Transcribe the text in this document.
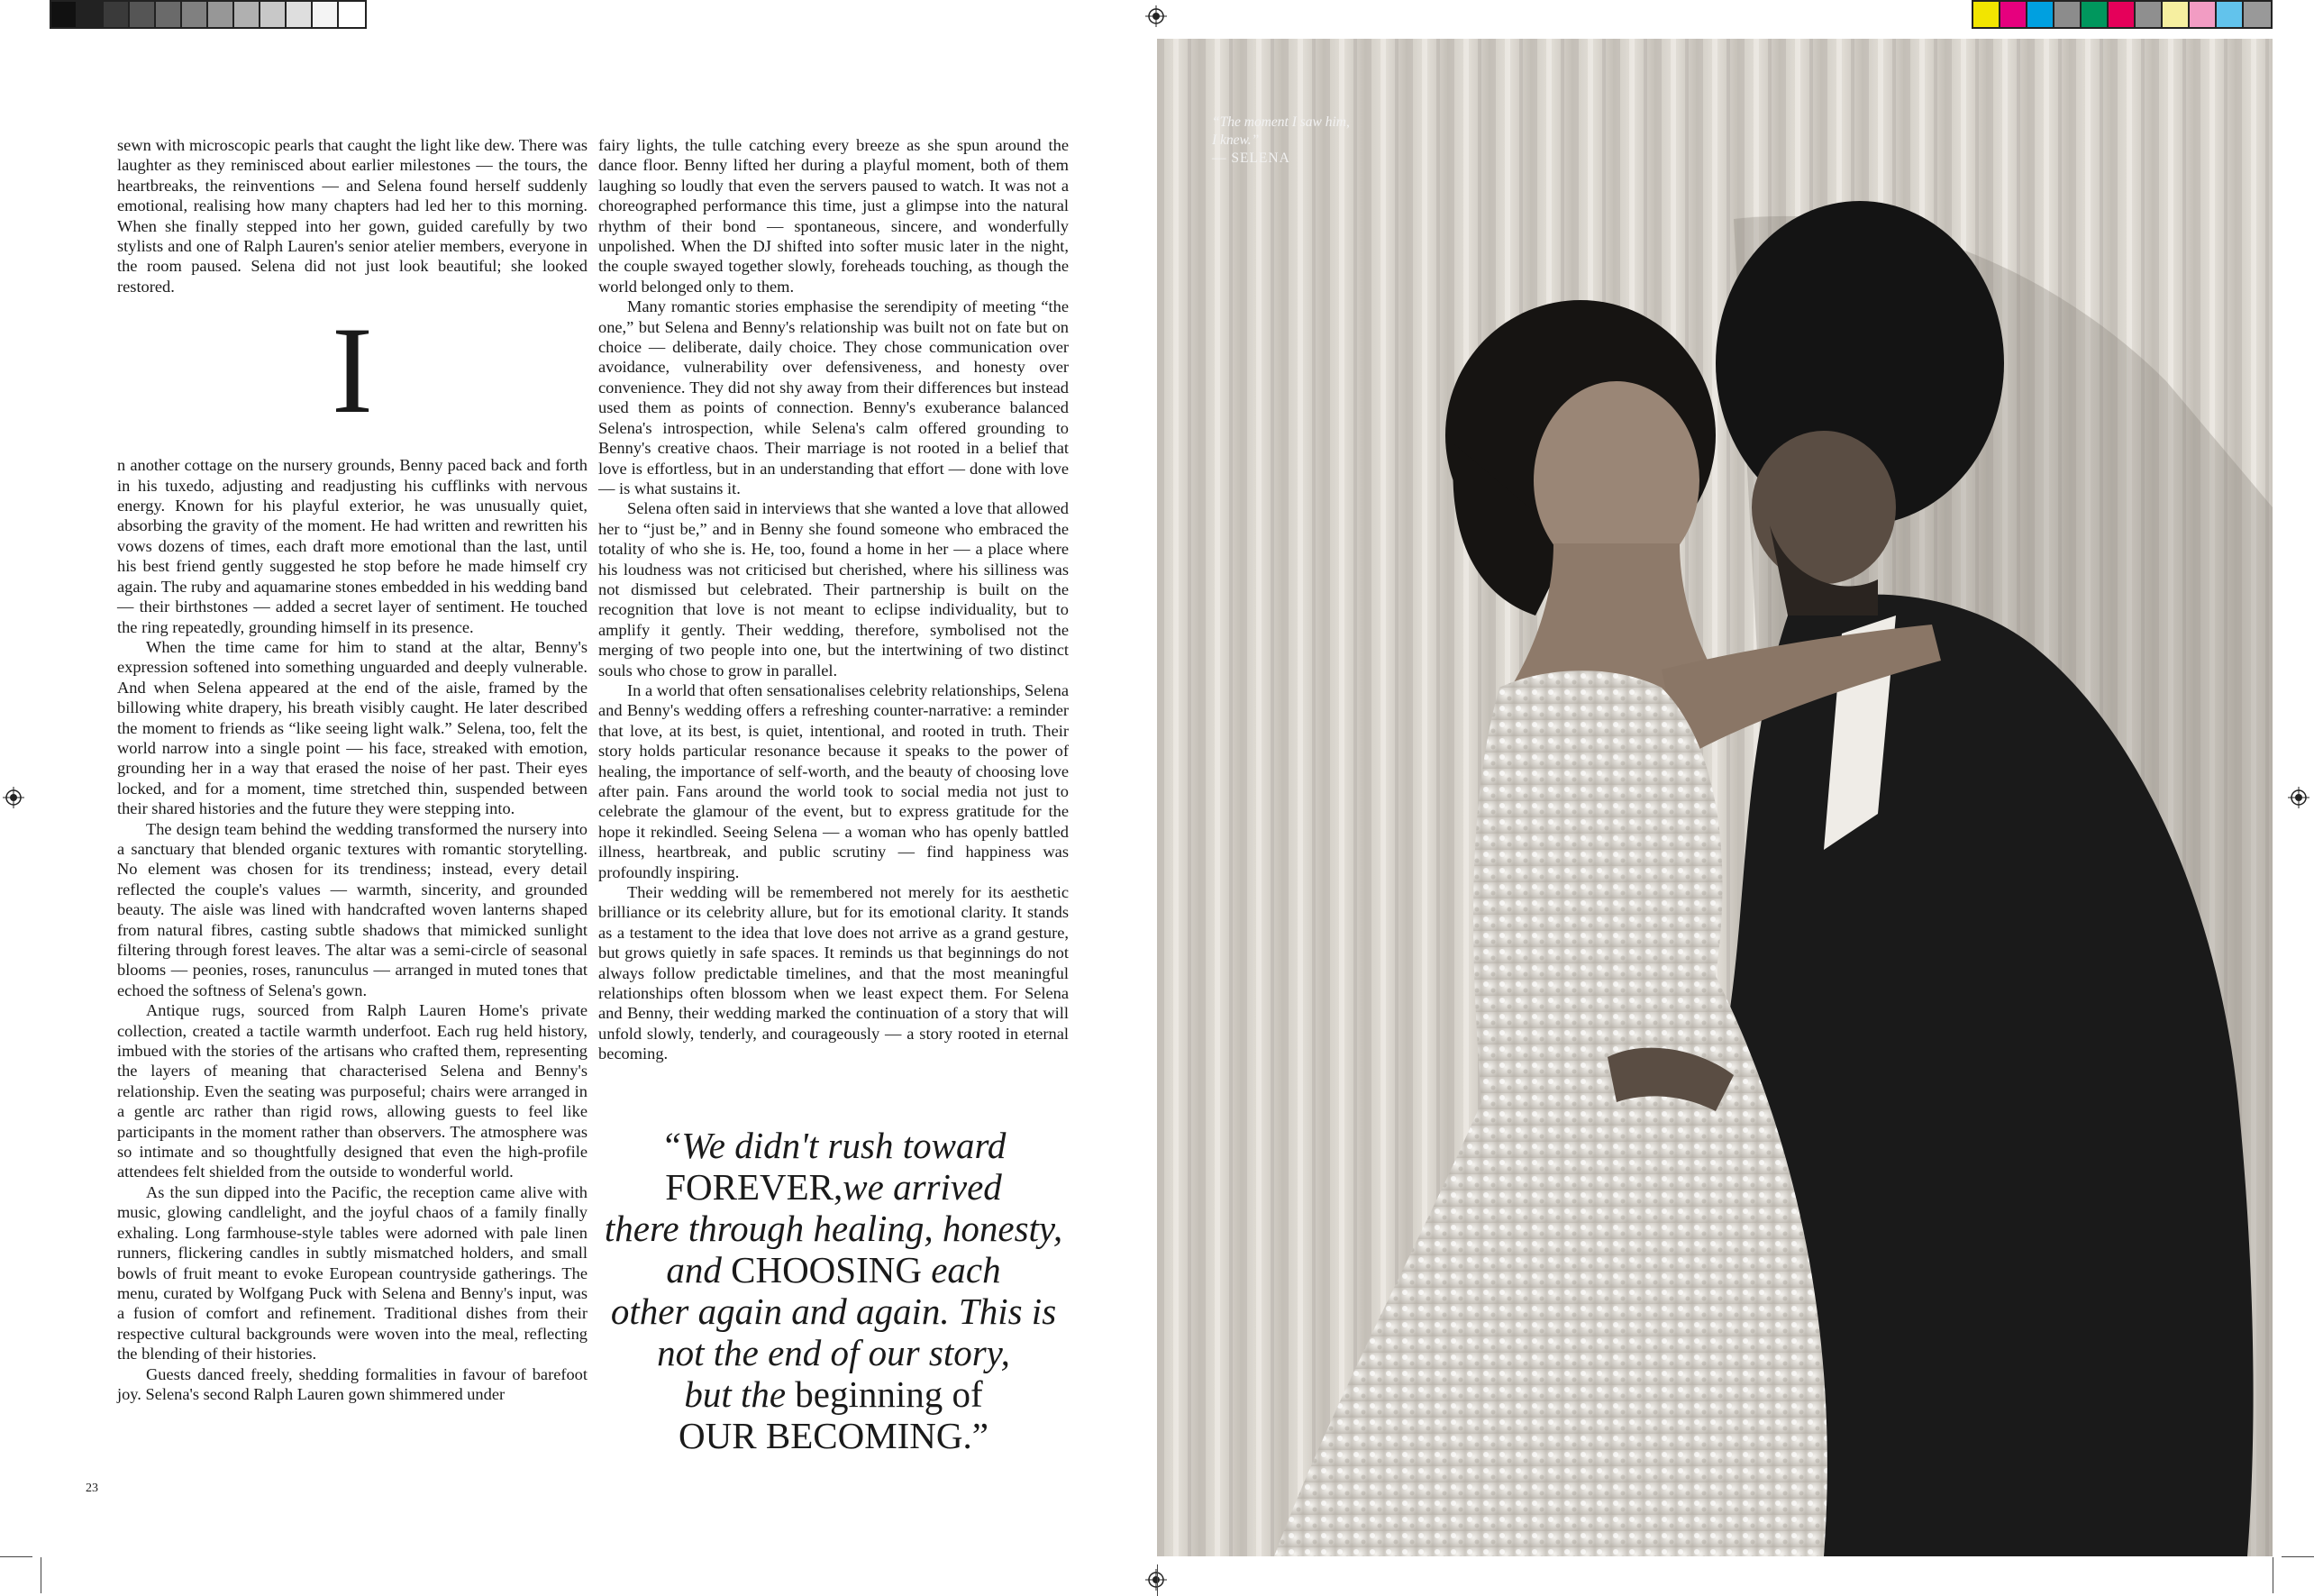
sewn with microscopic pearls that caught the light like dew. There was laughter as they reminisced about earlier milestones — the tours, the heartbreaks, the reinventions — and Selena found herself suddenly emotional, realising how many chapters had led her to this morning. When she finally stepped into her gown, guided carefully by two stylists and one of Ralph Lauren's senior atelier members, everyone in the room paused. Selena did not just look beautiful; she looked restored.

I

n another cottage on the nursery grounds, Benny paced back and forth in his tuxedo, adjusting and readjusting his cufflinks with nervous energy. Known for his playful exterior, he was unusually quiet, absorbing the gravity of the moment. He had written and rewritten his vows dozens of times, each draft more emotional than the last, until his best friend gently suggested he stop before he made himself cry again. The ruby and aquamarine stones embedded in his wedding band — their birthstones — added a secret layer of sentiment. He touched the ring repeatedly, grounding himself in its presence.

When the time came for him to stand at the altar, Benny's expression softened into something unguarded and deeply vulnerable. And when Selena appeared at the end of the aisle, framed by the billowing white drapery, his breath visibly caught. He later described the moment to friends as “like seeing light walk.” Selena, too, felt the world narrow into a single point — his face, streaked with emotion, grounding her in a way that erased the noise of her past. Their eyes locked, and for a moment, time stretched thin, suspended between their shared histories and the future they were stepping into.

The design team behind the wedding transformed the nursery into a sanctuary that blended organic textures with romantic storytelling. No element was chosen for its trendiness; instead, every detail reflected the couple's values — warmth, sincerity, and grounded beauty. The aisle was lined with handcrafted woven lanterns shaped from natural fibres, casting subtle shadows that mimicked sunlight filtering through forest leaves. The altar was a semi-circle of seasonal blooms — peonies, roses, ranunculus — arranged in muted tones that echoed the softness of Selena's gown.

Antique rugs, sourced from Ralph Lauren Home's private collection, created a tactile warmth underfoot. Each rug held history, imbued with the stories of the artisans who crafted them, representing the layers of meaning that characterised Selena and Benny's relationship. Even the seating was purposeful; chairs were arranged in a gentle arc rather than rigid rows, allowing guests to feel like participants in the moment rather than observers. The atmosphere was so intimate and so thoughtfully designed that even the high-profile attendees felt shielded from the outside to wonderful world.

As the sun dipped into the Pacific, the reception came alive with music, glowing candlelight, and the joyful chaos of a family finally exhaling. Long farmhouse-style tables were adorned with pale linen runners, flickering candles in subtly mismatched holders, and small bowls of fruit meant to evoke European countryside gatherings. The menu, curated by Wolfgang Puck with Selena and Benny's input, was a fusion of comfort and refinement. Traditional dishes from their respective cultural backgrounds were woven into the meal, reflecting the blending of their histories.

Guests danced freely, shedding formalities in favour of barefoot joy. Selena's second Ralph Lauren gown shimmered under

fairy lights, the tulle catching every breeze as she spun around the dance floor. Benny lifted her during a playful moment, both of them laughing so loudly that even the servers paused to watch. It was not a choreographed performance this time, just a glimpse into the natural rhythm of their bond — spontaneous, sincere, and wonderfully unpolished. When the DJ shifted into softer music later in the night, the couple swayed together slowly, foreheads touching, as though the world belonged only to them.

Many romantic stories emphasise the serendipity of meeting “the one,” but Selena and Benny's relationship was built not on fate but on choice — deliberate, daily choice. They chose communication over avoidance, vulnerability over defensiveness, and honesty over convenience. They did not shy away from their differences but instead used them as points of connection. Benny's exuberance balanced Selena's introspection, while Selena's calm offered grounding to Benny's creative chaos. Their marriage is not rooted in a belief that love is effortless, but in an understanding that effort — done with love — is what sustains it.

Selena often said in interviews that she wanted a love that allowed her to “just be,” and in Benny she found someone who embraced the totality of who she is. He, too, found a home in her — a place where his loudness was not criticised but cherished, where his silliness was not dismissed but celebrated. Their partnership is built on the recognition that love is not meant to eclipse individuality, but to amplify it gently. Their wedding, therefore, symbolised not the merging of two people into one, but the intertwining of two distinct souls who chose to grow in parallel.

In a world that often sensationalises celebrity relationships, Selena and Benny's wedding offers a refreshing counter-narrative: a reminder that love, at its best, is quiet, intentional, and rooted in truth. Their story holds particular resonance because it speaks to the power of healing, the importance of self-worth, and the beauty of choosing love after pain. Fans around the world took to social media not just to celebrate the glamour of the event, but to express gratitude for the hope it rekindled. Seeing Selena — a woman who has openly battled illness, heartbreak, and public scrutiny — find happiness was profoundly inspiring.

Their wedding will be remembered not merely for its aesthetic brilliance or its celebrity allure, but for its emotional clarity. It stands as a testament to the idea that love does not arrive as a grand gesture, but grows quietly in safe spaces. It reminds us that beginnings do not always follow predictable timelines, and that the most meaningful relationships often blossom when we least expect them. For Selena and Benny, their wedding marked the continuation of a story that will unfold slowly, tenderly, and courageously — a story rooted in eternal becoming.

“We didn't rush toward
FOREVER,we arrived
there through healing, honesty,
and CHOOSING each
other again and again. This is
not the end of our story,
but the beginning of
OUR BECOMING.”
23
“The moment I saw him, I knew.”
— SELENA
